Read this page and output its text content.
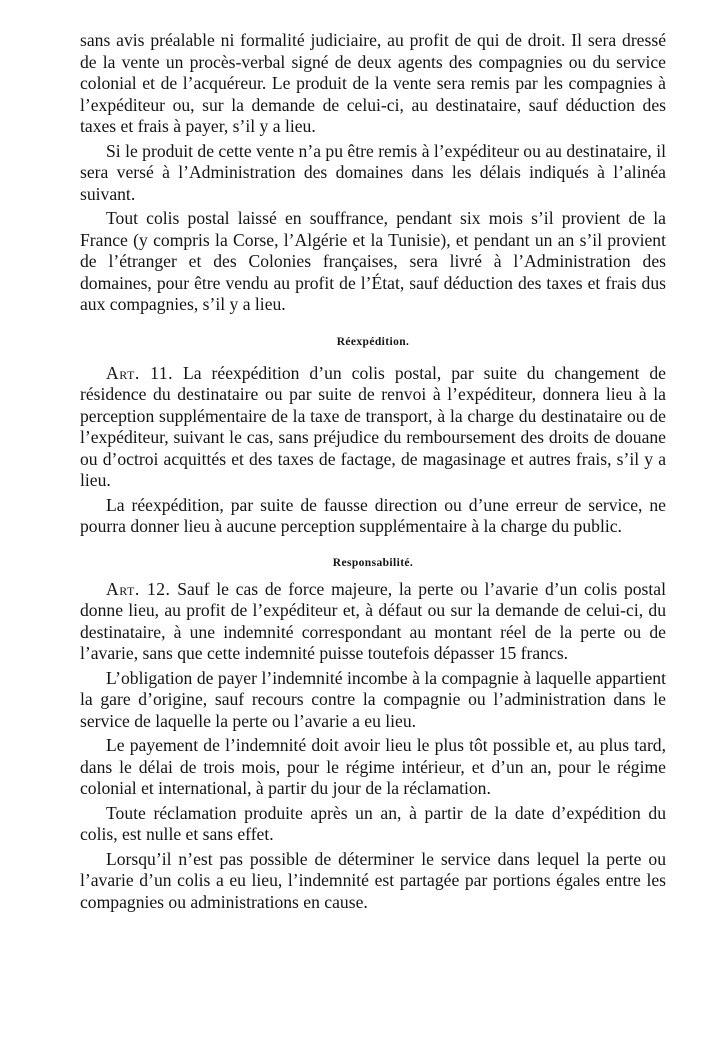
sans avis préalable ni formalité judiciaire, au profit de qui de droit. Il sera dressé de la vente un procès-verbal signé de deux agents des compagnies ou du service colonial et de l’acquéreur. Le produit de la vente sera remis par les compagnies à l’expéditeur ou, sur la demande de celui-ci, au destinataire, sauf déduction des taxes et frais à payer, s’il y a lieu.

Si le produit de cette vente n’a pu être remis à l’expéditeur ou au destinataire, il sera versé à l’Administration des domaines dans les délais indiqués à l’alinéa suivant.

Tout colis postal laissé en souffrance, pendant six mois s’il provient de la France (y compris la Corse, l’Algérie et la Tunisie), et pendant un an s’il provient de l’étranger et des Colonies françaises, sera livré à l’Administration des domaines, pour être vendu au profit de l’État, sauf déduction des taxes et frais dus aux compagnies, s’il y a lieu.

Réexpédition.

Art. 11. La réexpédition d’un colis postal, par suite du changement de résidence du destinataire ou par suite de renvoi à l’expéditeur, donnera lieu à la perception supplémentaire de la taxe de transport, à la charge du destinataire ou de l’expéditeur, suivant le cas, sans préjudice du remboursement des droits de douane ou d’octroi acquittés et des taxes de factage, de magasinage et autres frais, s’il y a lieu.

La réexpédition, par suite de fausse direction ou d’une erreur de service, ne pourra donner lieu à aucune perception supplémentaire à la charge du public.

Responsabilité.

Art. 12. Sauf le cas de force majeure, la perte ou l’avarie d’un colis postal donne lieu, au profit de l’expéditeur et, à défaut ou sur la demande de celui-ci, du destinataire, à une indemnité correspondant au montant réel de la perte ou de l’avarie, sans que cette indemnité puisse toutefois dépasser 15 francs.

L’obligation de payer l’indemnité incombe à la compagnie à laquelle appartient la gare d’origine, sauf recours contre la compagnie ou l’administration dans le service de laquelle la perte ou l’avarie a eu lieu.

Le payement de l’indemnité doit avoir lieu le plus tôt possible et, au plus tard, dans le délai de trois mois, pour le régime intérieur, et d’un an, pour le régime colonial et international, à partir du jour de la réclamation.

Toute réclamation produite après un an, à partir de la date d’expédition du colis, est nulle et sans effet.

Lorsqu’il n’est pas possible de déterminer le service dans lequel la perte ou l’avarie d’un colis a eu lieu, l’indemnité est partagée par portions égales entre les compagnies ou administrations en cause.
